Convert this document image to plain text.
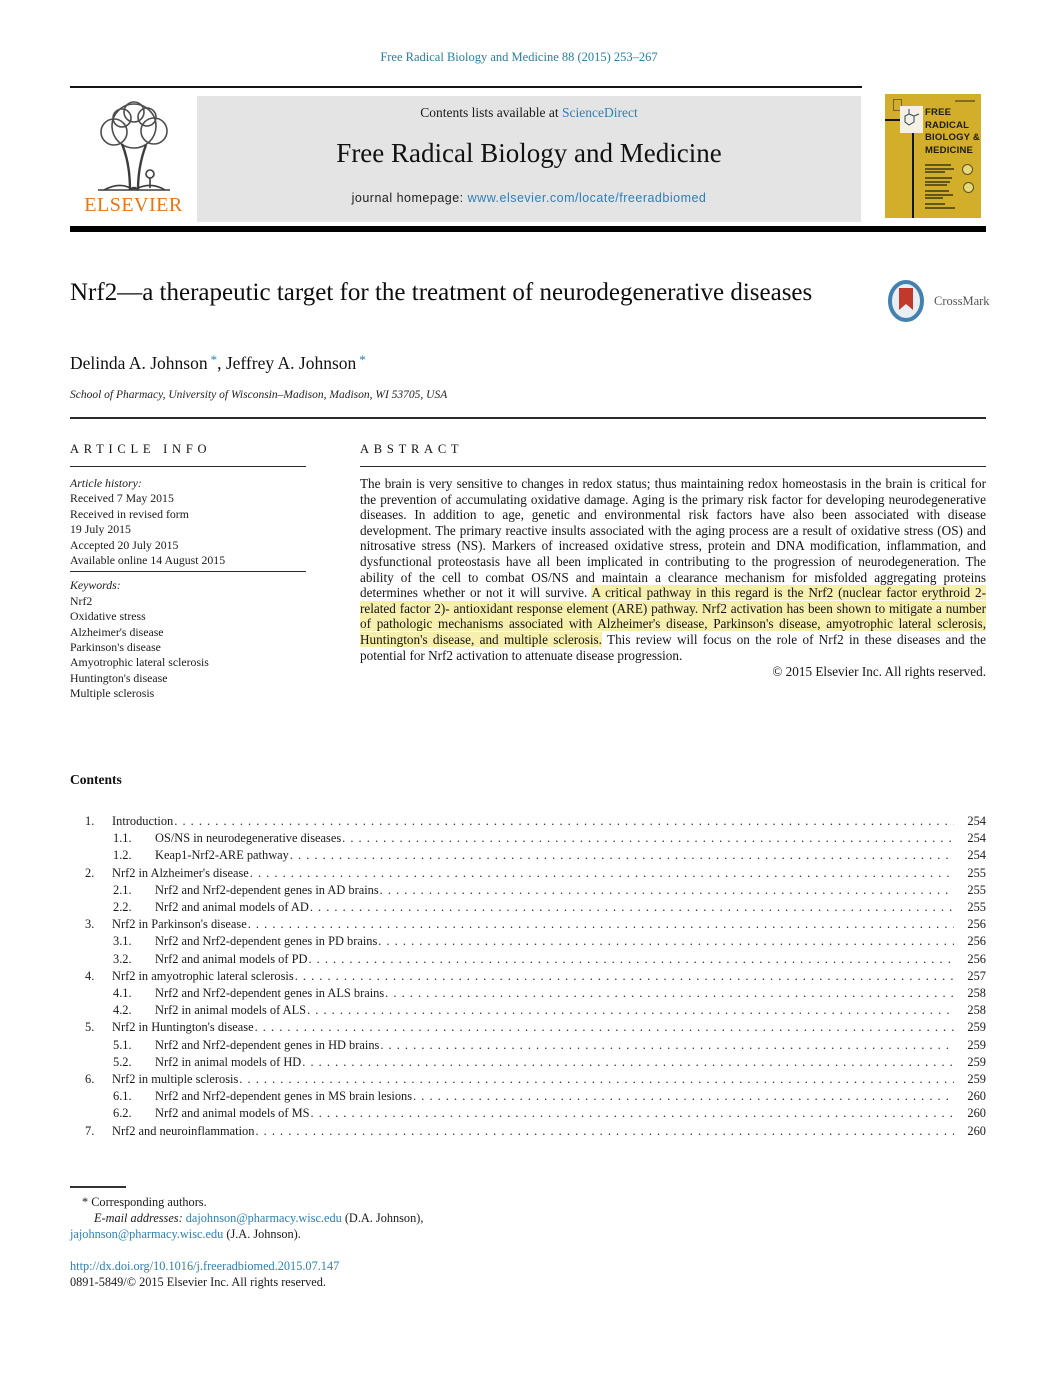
Free Radical Biology and Medicine 88 (2015) 253–267
ELSEVIER
Contents lists available at ScienceDirect
Free Radical Biology and Medicine
journal homepage: www.elsevier.com/locate/freeradbiomed
FREE
RADICAL
BIOLOGY &
MEDICINE
Nrf2—a therapeutic target for the treatment of neurodegenerative diseases	CrossMark
Delinda A. Johnson *, Jeffrey A. Johnson *
School of Pharmacy, University of Wisconsin–Madison, Madison, WI 53705, USA
ARTICLE INFO
Article history:
Received 7 May 2015
Received in revised form
19 July 2015
Accepted 20 July 2015
Available online 14 August 2015
Keywords:
Nrf2
Oxidative stress
Alzheimer's disease
Parkinson's disease
Amyotrophic lateral sclerosis
Huntington's disease
Multiple sclerosis
ABSTRACT
The brain is very sensitive to changes in redox status; thus maintaining redox homeostasis in the brain is critical for the prevention of accumulating oxidative damage. Aging is the primary risk factor for developing neurodegenerative diseases. In addition to age, genetic and environmental risk factors have also been associated with disease development. The primary reactive insults associated with the aging process are a result of oxidative stress (OS) and nitrosative stress (NS). Markers of increased oxidative stress, protein and DNA modification, inflammation, and dysfunctional proteostasis have all been implicated in contributing to the progression of neurodegeneration. The ability of the cell to combat OS/NS and maintain a clearance mechanism for misfolded aggregating proteins determines whether or not it will survive. A critical pathway in this regard is the Nrf2 (nuclear factor erythroid 2-related factor 2)- antioxidant response element (ARE) pathway. Nrf2 activation has been shown to mitigate a number of pathologic mechanisms associated with Alzheimer's disease, Parkinson's disease, amyotrophic lateral sclerosis, Huntington's disease, and multiple sclerosis. This review will focus on the role of Nrf2 in these diseases and the potential for Nrf2 activation to attenuate disease progression.
© 2015 Elsevier Inc. All rights reserved.
Contents
1.	Introduction . . .	254
1.1.	OS/NS in neurodegenerative diseases . . .	254
1.2.	Keap1-Nrf2-ARE pathway . . .	254
2.	Nrf2 in Alzheimer's disease . . .	255
2.1.	Nrf2 and Nrf2-dependent genes in AD brains . . .	255
2.2.	Nrf2 and animal models of AD . . .	255
3.	Nrf2 in Parkinson's disease . . .	256
3.1.	Nrf2 and Nrf2-dependent genes in PD brains . . .	256
3.2.	Nrf2 and animal models of PD . . .	256
4.	Nrf2 in amyotrophic lateral sclerosis . . .	257
4.1.	Nrf2 and Nrf2-dependent genes in ALS brains . . .	258
4.2.	Nrf2 in animal models of ALS . . .	258
5.	Nrf2 in Huntington's disease . . .	259
5.1.	Nrf2 and Nrf2-dependent genes in HD brains . . .	259
5.2.	Nrf2 in animal models of HD . . .	259
6.	Nrf2 in multiple sclerosis . . .	259
6.1.	Nrf2 and Nrf2-dependent genes in MS brain lesions . . .	260
6.2.	Nrf2 and animal models of MS . . .	260
7.	Nrf2 and neuroinflammation . . .	260
* Corresponding authors.
E-mail addresses: dajohnson@pharmacy.wisc.edu (D.A. Johnson),
jajohnson@pharmacy.wisc.edu (J.A. Johnson).
http://dx.doi.org/10.1016/j.freeradbiomed.2015.07.147
0891-5849/© 2015 Elsevier Inc. All rights reserved.
